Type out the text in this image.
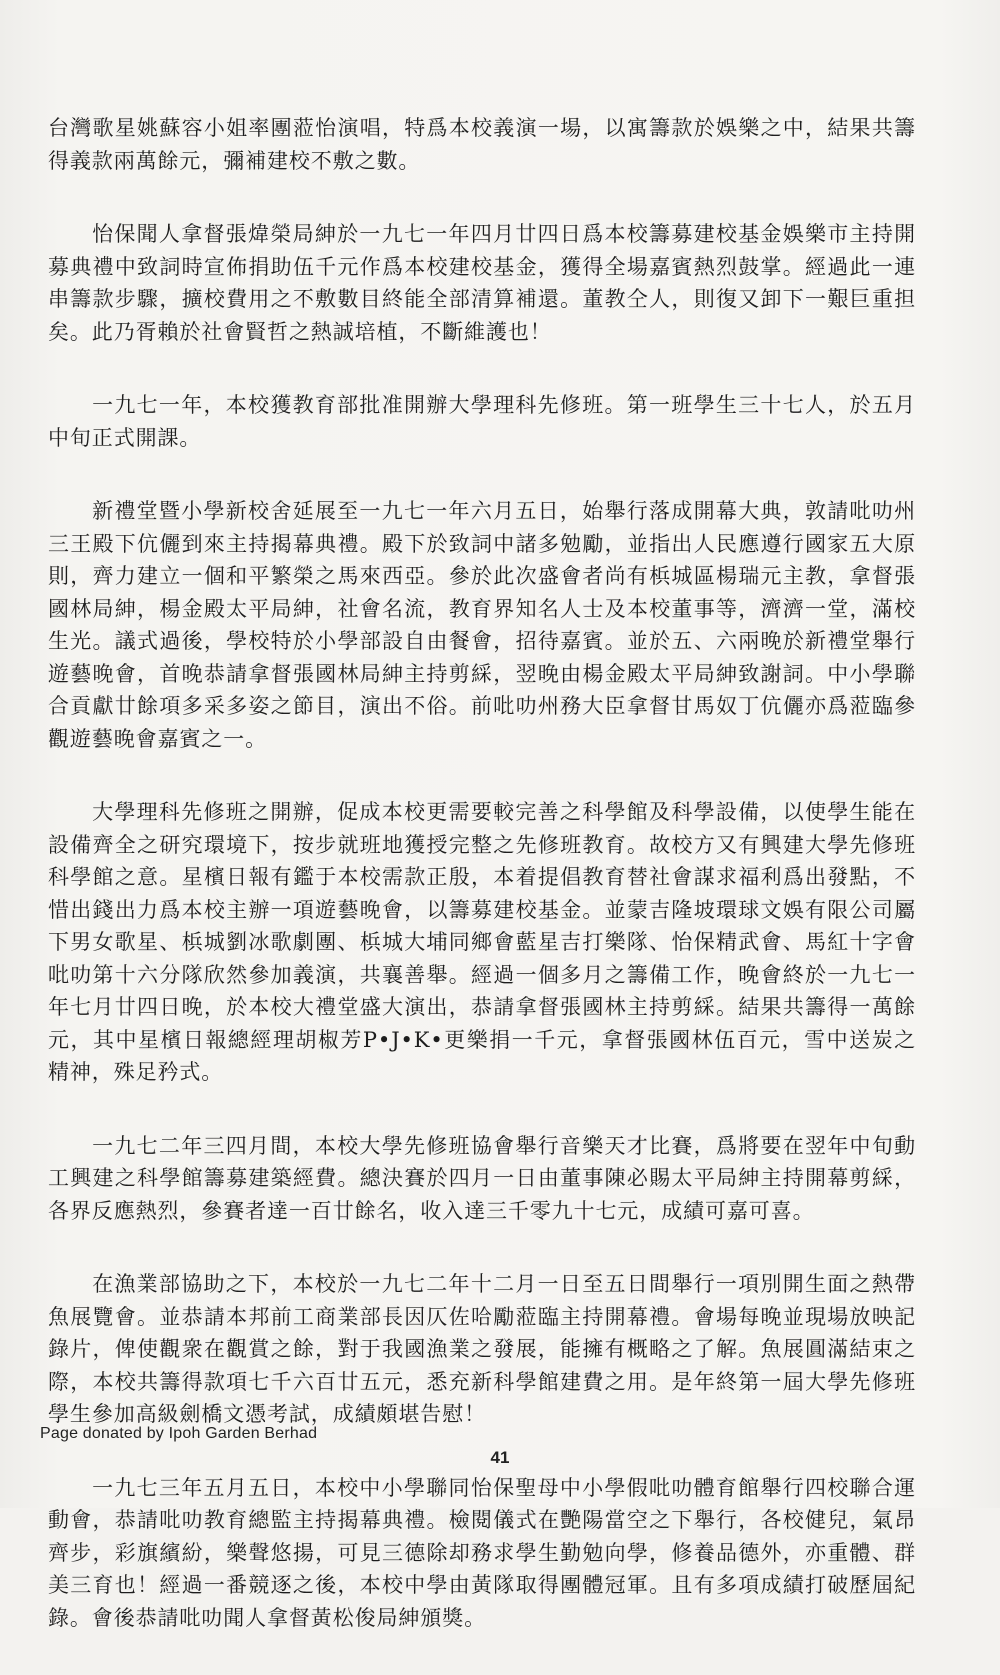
台灣歌星姚蘇容小姐率團蒞怡演唱，特爲本校義演一場，以寓籌款於娛樂之中，結果共籌得義款兩萬餘元，彌補建校不敷之數。

怡保聞人拿督張煒榮局紳於一九七一年四月廿四日爲本校籌募建校基金娛樂市主持開募典禮中致詞時宣佈捐助伍千元作爲本校建校基金，獲得全場嘉賓熱烈鼓掌。經過此一連串籌款步驟，擴校費用之不敷數目終能全部清算補還。董教仝人，則復又卸下一艱巨重担矣。此乃胥賴於社會賢哲之熱誠培植，不斷維護也！

一九七一年，本校獲教育部批准開辦大學理科先修班。第一班學生三十七人，於五月中旬正式開課。

新禮堂暨小學新校舍延展至一九七一年六月五日，始舉行落成開幕大典，敦請吡叻州三王殿下伉儷到來主持揭幕典禮。殿下於致詞中諸多勉勵，並指出人民應遵行國家五大原則，齊力建立一個和平繁榮之馬來西亞。參於此次盛會者尚有梹城區楊瑞元主教，拿督張國林局紳，楊金殿太平局紳，社會名流，教育界知名人士及本校董事等，濟濟一堂，滿校生光。議式過後，學校特於小學部設自由餐會，招待嘉賓。並於五、六兩晚於新禮堂舉行遊藝晚會，首晚恭請拿督張國林局紳主持剪綵，翌晚由楊金殿太平局紳致謝詞。中小學聯合貢獻廿餘項多采多姿之節目，演出不俗。前吡叻州務大臣拿督甘馬奴丁伉儷亦爲蒞臨參觀遊藝晚會嘉賓之一。

大學理科先修班之開辦，促成本校更需要較完善之科學館及科學設備，以使學生能在設備齊全之研究環境下，按步就班地獲授完整之先修班教育。故校方又有興建大學先修班科學館之意。星檳日報有鑑于本校需款正殷，本着提倡教育替社會謀求福利爲出發點，不惜出錢出力爲本校主辦一項遊藝晚會，以籌募建校基金。並蒙吉隆坡環球文娛有限公司屬下男女歌星、梹城劉冰歌劇團、梹城大埔同鄉會藍星吉打樂隊、怡保精武會、馬紅十字會吡叻第十六分隊欣然參加義演，共襄善舉。經過一個多月之籌備工作，晚會終於一九七一年七月廿四日晚，於本校大禮堂盛大演出，恭請拿督張國林主持剪綵。結果共籌得一萬餘元，其中星檳日報總經理胡椒芳P•J•K•更樂捐一千元，拿督張國林伍百元，雪中送炭之精神，殊足矜式。

一九七二年三四月間，本校大學先修班協會舉行音樂天才比賽，爲將要在翌年中旬動工興建之科學館籌募建築經費。總決賽於四月一日由董事陳必賜太平局紳主持開幕剪綵，各界反應熱烈，參賽者達一百廿餘名，收入達三千零九十七元，成績可嘉可喜。

在漁業部協助之下，本校於一九七二年十二月一日至五日間舉行一項別開生面之熱帶魚展覽會。並恭請本邦前工商業部長因仄佐哈勵蒞臨主持開幕禮。會場每晚並現場放映記錄片，俾使觀衆在觀賞之餘，對于我國漁業之發展，能擁有概略之了解。魚展圓滿結束之際，本校共籌得款項七千六百廿五元，悉充新科學館建費之用。是年終第一屆大學先修班學生參加高級劍橋文憑考試，成績頗堪告慰！

一九七三年五月五日，本校中小學聯同怡保聖母中小學假吡叻體育館舉行四校聯合運動會，恭請吡叻教育總監主持揭幕典禮。檢閱儀式在艷陽當空之下舉行，各校健兒，氣昂齊步，彩旗繽紛，樂聲悠揚，可見三德除却務求學生勤勉向學，修養品德外，亦重體、群美三育也！經過一番競逐之後，本校中學由黃隊取得團體冠軍。且有多項成績打破歷屆紀錄。會後恭請吡叻聞人拿督黃松俊局紳頒獎。

Page donated by Ipoh Garden Berhad
41
